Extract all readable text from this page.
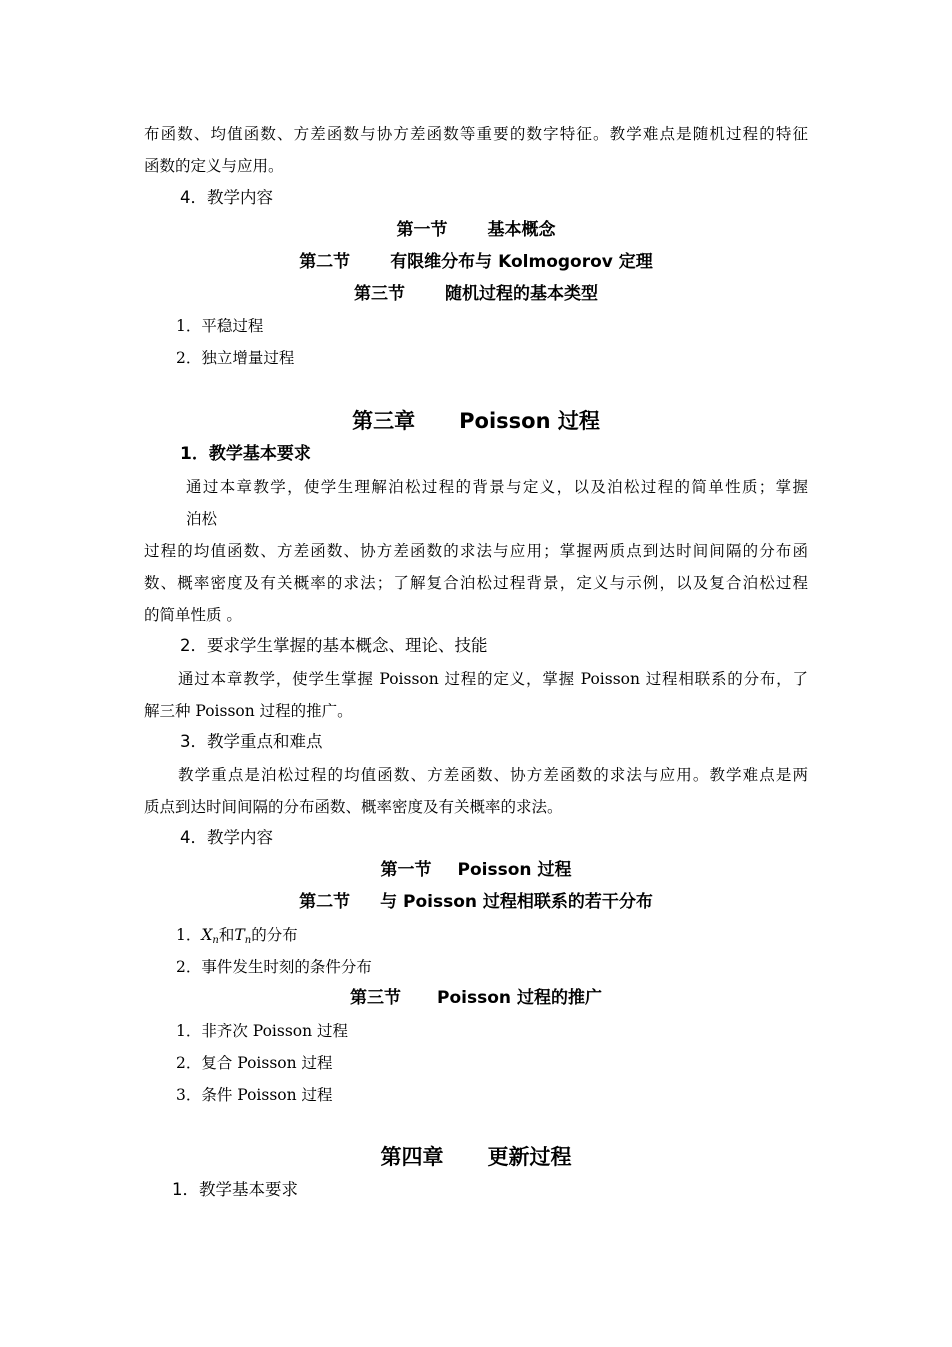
布函数、均值函数、方差函数与协方差函数等重要的数字特征。教学难点是随机过程的特征
函数的定义与应用。
4．教学内容
第一节 基本概念
第二节 有限维分布与 Kolmogorov 定理
第三节 随机过程的基本类型
1．平稳过程
2．独立增量过程
第三章 Poisson 过程
1．教学基本要求
通过本章教学，使学生理解泊松过程的背景与定义，以及泊松过程的简单性质；掌握
泊松
过程的均值函数、方差函数、协方差函数的求法与应用；掌握两质点到达时间间隔的分布函
数、概率密度及有关概率的求法；了解复合泊松过程背景，定义与示例，以及复合泊松过程
的简单性质 。
2．要求学生掌握的基本概念、理论、技能
通过本章教学，使学生掌握 Poisson 过程的定义，掌握 Poisson 过程相联系的分布，了
解三种 Poisson 过程的推广。
3．教学重点和难点
教学重点是泊松过程的均值函数、方差函数、协方差函数的求法与应用。教学难点是两
质点到达时间间隔的分布函数、概率密度及有关概率的求法。
4．教学内容
第一节 Poisson 过程
第二节 与 Poisson 过程相联系的若干分布
1．$X_n$和$T_n$的分布
2．事件发生时刻的条件分布
第三节 Poisson 过程的推广
1．非齐次 Poisson 过程
2．复合 Poisson 过程
3．条件 Poisson 过程
第四章 更新过程
1．教学基本要求
